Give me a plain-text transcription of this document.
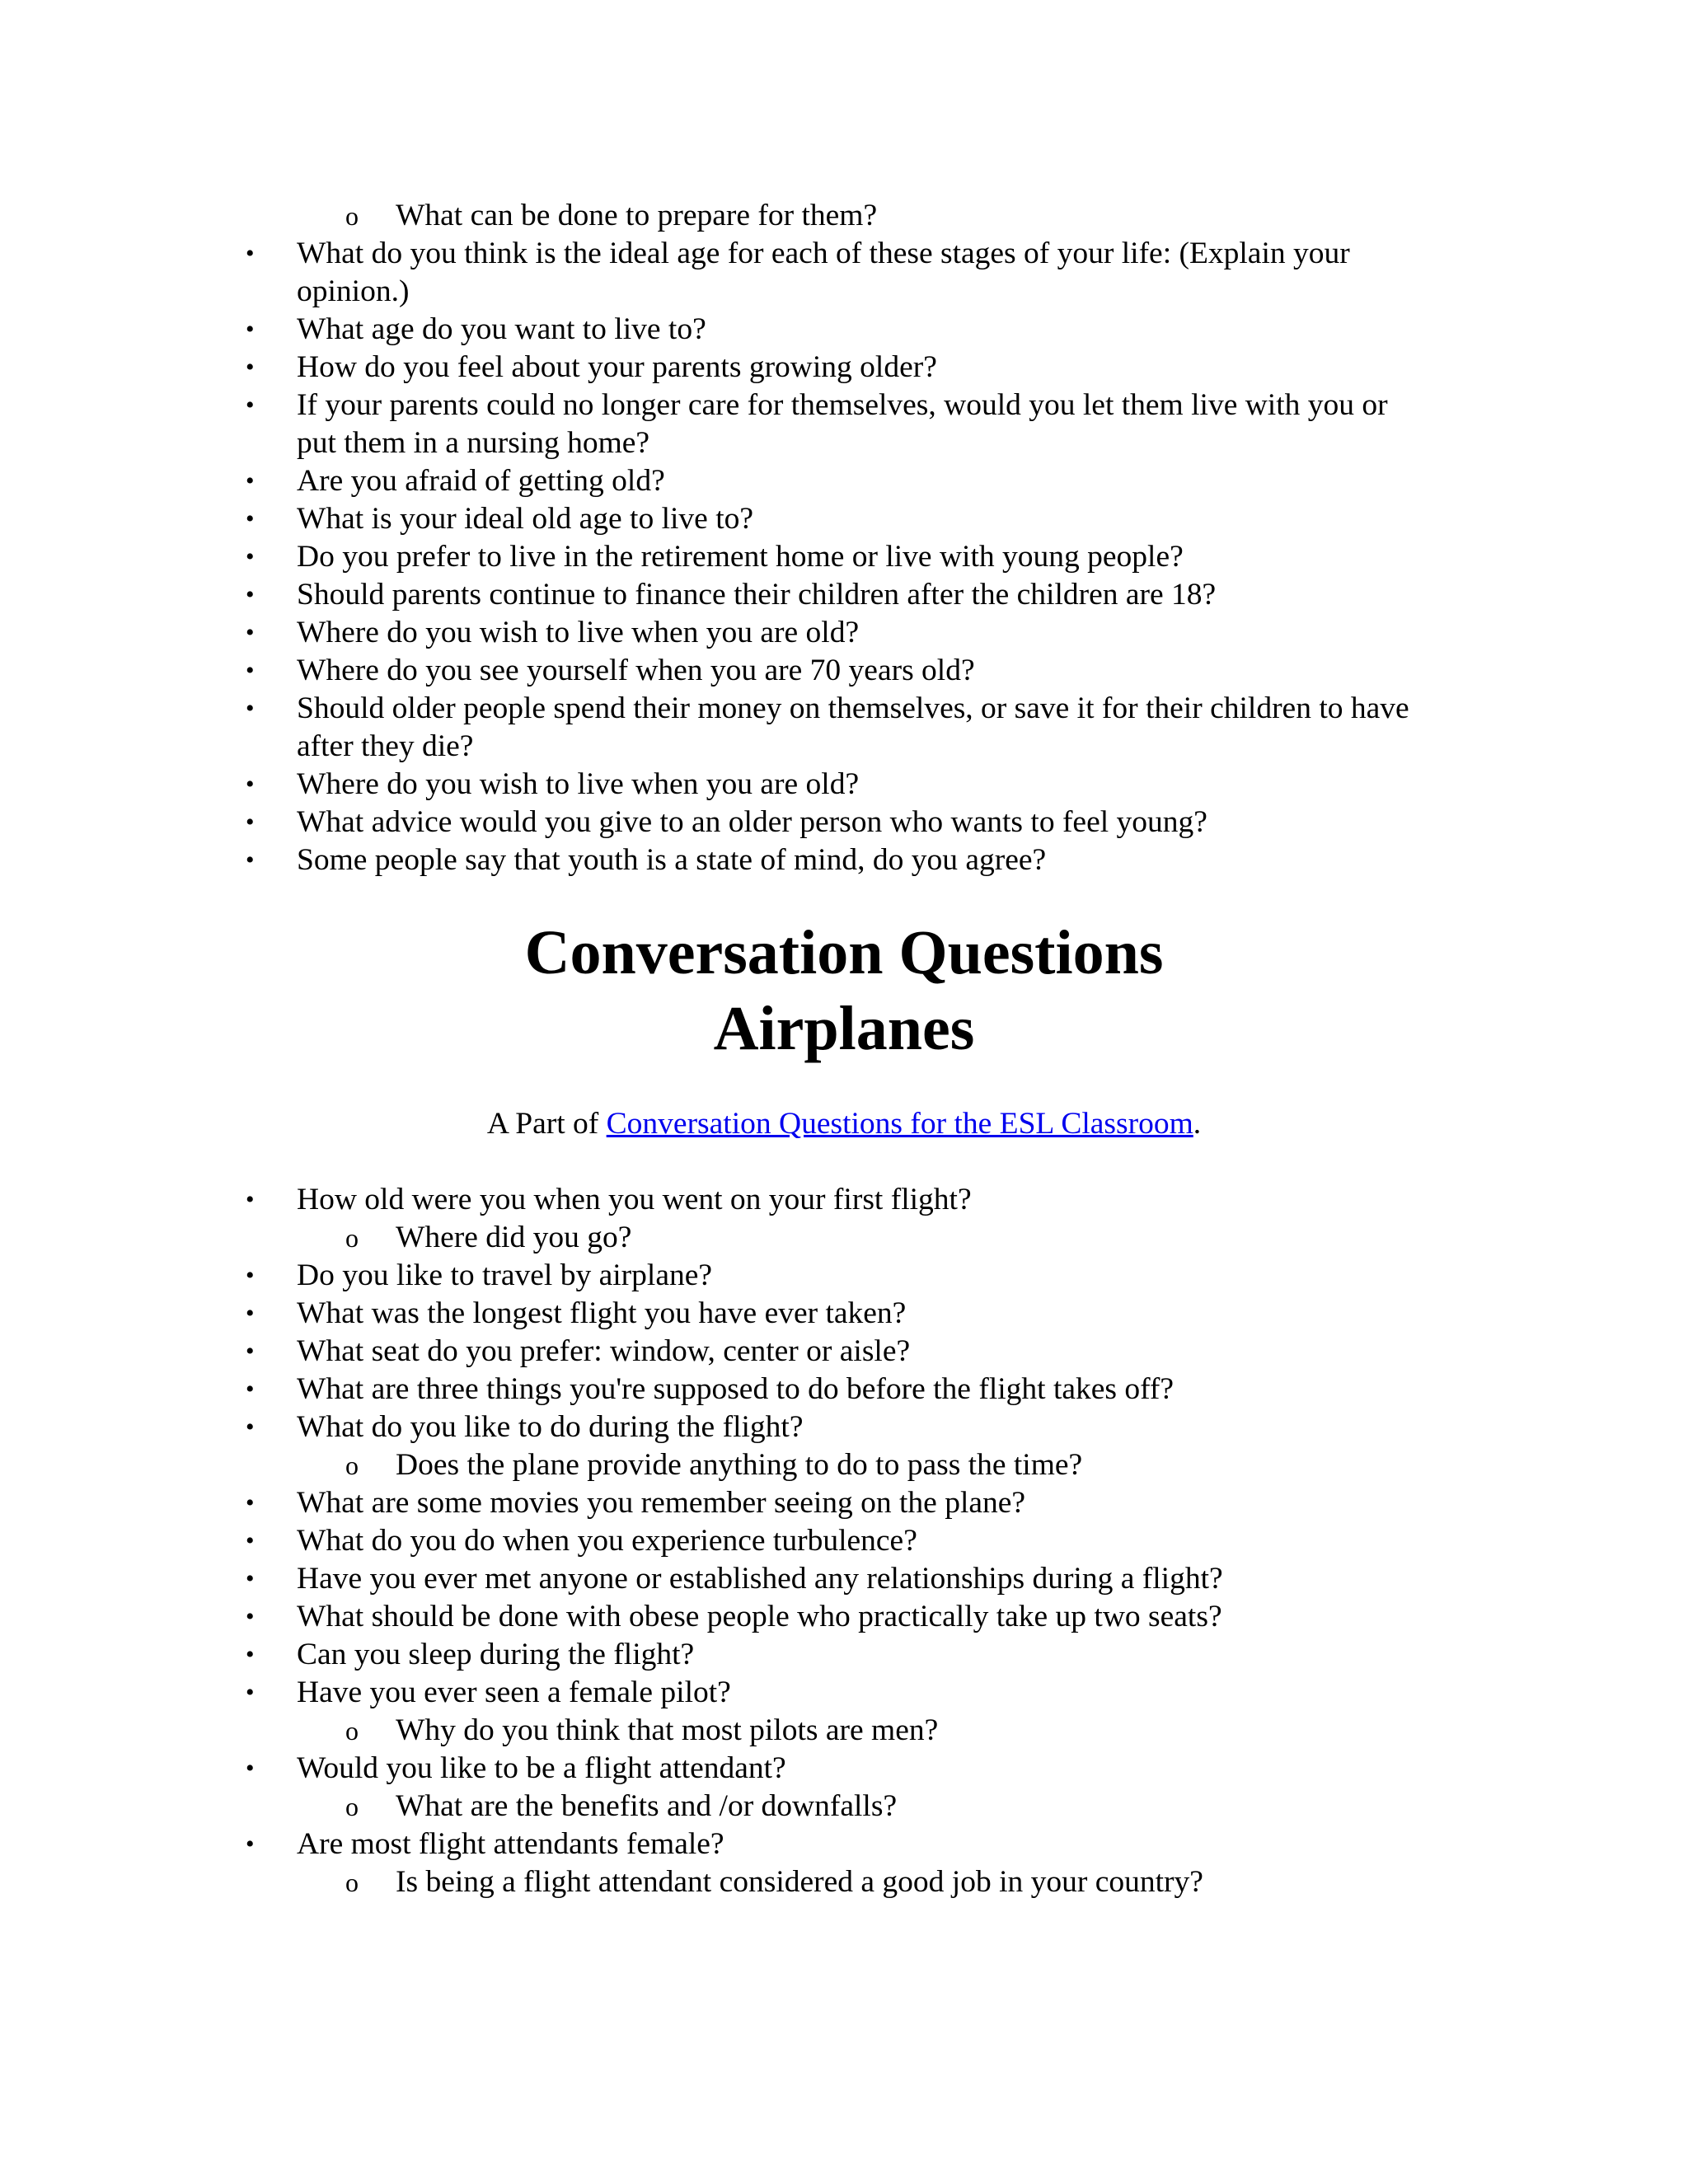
o What can be done to prepare for them?
• What do you think is the ideal age for each of these stages of your life: (Explain your
opinion.)
• What age do you want to live to?
• How do you feel about your parents growing older?
• If your parents could no longer care for themselves, would you let them live with you or
put them in a nursing home?
• Are you afraid of getting old?
• What is your ideal old age to live to?
• Do you prefer to live in the retirement home or live with young people?
• Should parents continue to finance their children after the children are 18?
• Where do you wish to live when you are old?
• Where do you see yourself when you are 70 years old?
• Should older people spend their money on themselves, or save it for their children to have
after they die?
• Where do you wish to live when you are old?
• What advice would you give to an older person who wants to feel young?
• Some people say that youth is a state of mind, do you agree?
Conversation Questions
Airplanes
A Part of Conversation Questions for the ESL Classroom.
• How old were you when you went on your first flight?
o Where did you go?
• Do you like to travel by airplane?
• What was the longest flight you have ever taken?
• What seat do you prefer: window, center or aisle?
• What are three things you're supposed to do before the flight takes off?
• What do you like to do during the flight?
o Does the plane provide anything to do to pass the time?
• What are some movies you remember seeing on the plane?
• What do you do when you experience turbulence?
• Have you ever met anyone or established any relationships during a flight?
• What should be done with obese people who practically take up two seats?
• Can you sleep during the flight?
• Have you ever seen a female pilot?
o Why do you think that most pilots are men?
• Would you like to be a flight attendant?
o What are the benefits and /or downfalls?
• Are most flight attendants female?
o Is being a flight attendant considered a good job in your country?
